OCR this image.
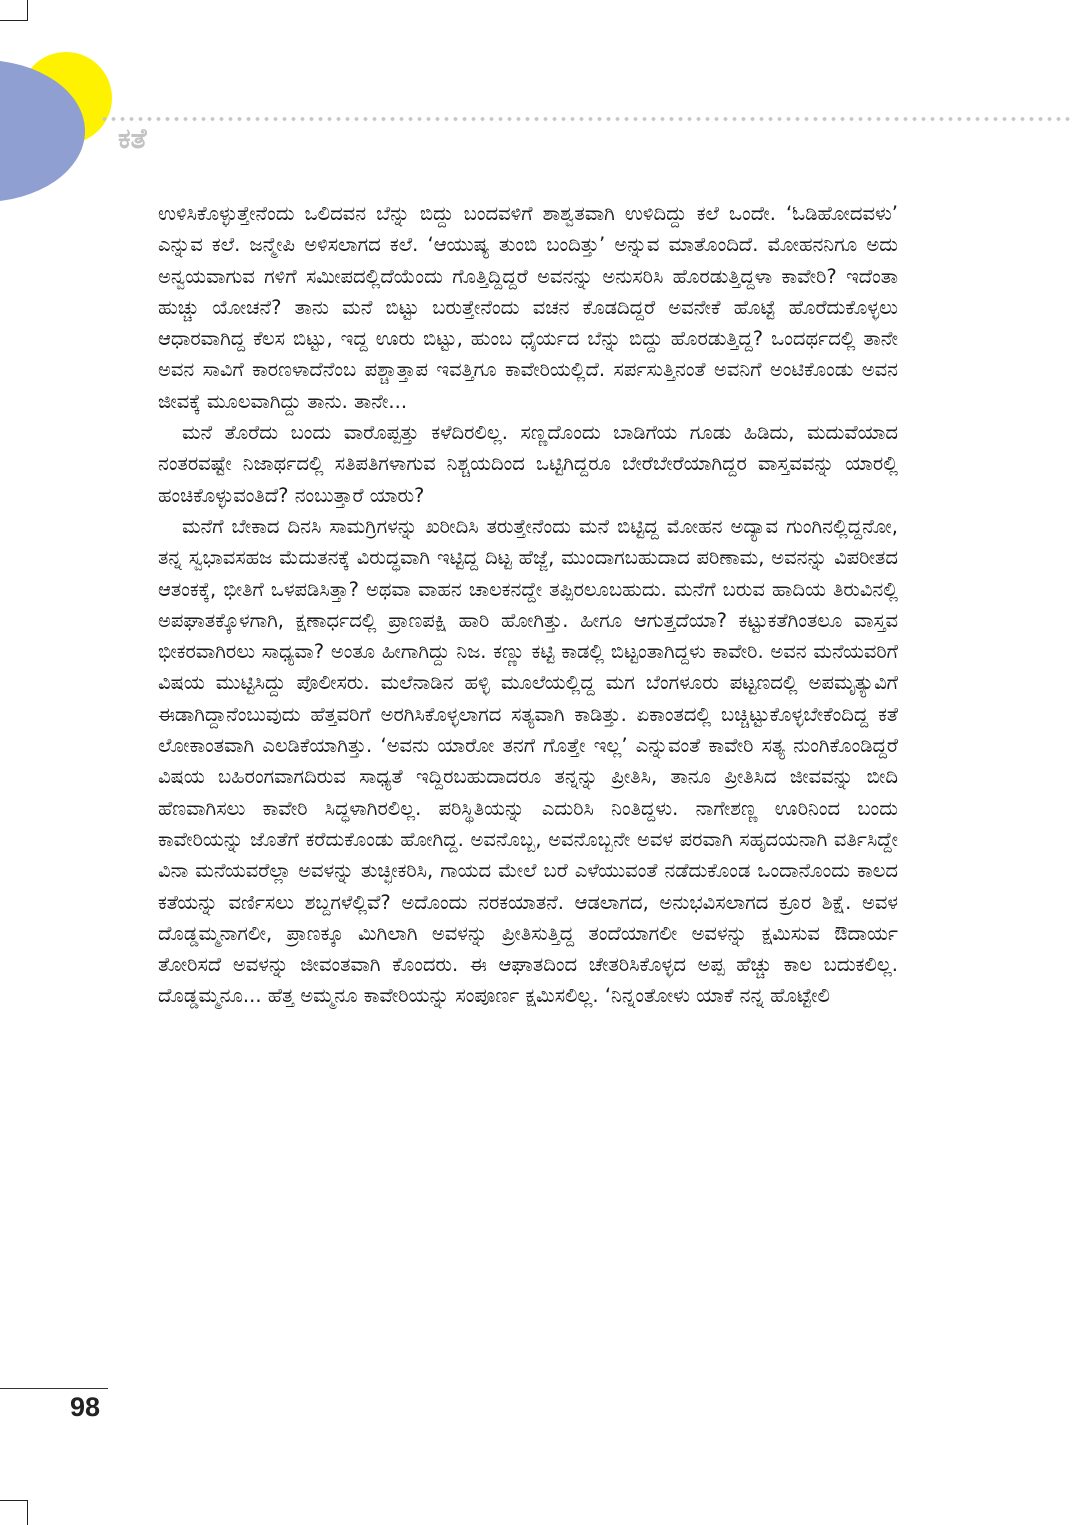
ಕತೆ

ಉಳಿಸಿಕೊಳ್ಳುತ್ತೇನೆಂದು ಒಲಿದವನ ಬೆನ್ನು ಬಿದ್ದು ಬಂದವಳಿಗೆ ಶಾಶ್ವತವಾಗಿ ಉಳಿದಿದ್ದು ಕಲೆ ಒಂದೇ. ‘ಓಡಿಹೋದವಳು’ ಎನ್ನುವ ಕಲೆ. ಜನ್ಮೇಪಿ ಅಳಿಸಲಾಗದ ಕಲೆ. ‘ಆಯುಷ್ಯ ತುಂಬಿ ಬಂದಿತ್ತು’ ಅನ್ನುವ ಮಾತೊಂದಿದೆ. ಮೋಹನನಿಗೂ ಅದು ಅನ್ವಯವಾಗುವ ಗಳಿಗೆ ಸಮೀಪದಲ್ಲಿದೆಯೆಂದು ಗೊತ್ತಿದ್ದಿದ್ದರೆ ಅವನನ್ನು ಅನುಸರಿಸಿ ಹೊರಡುತ್ತಿದ್ದಳಾ ಕಾವೇರಿ? ಇದೆಂತಾ ಹುಚ್ಚು ಯೋಚನೆ? ತಾನು ಮನೆ ಬಿಟ್ಟು ಬರುತ್ತೇನೆಂದು ವಚನ ಕೊಡದಿದ್ದರೆ ಅವನೇಕೆ ಹೊಟ್ಟೆ ಹೊರೆದುಕೊಳ್ಳಲು ಆಧಾರವಾಗಿದ್ದ ಕೆಲಸ ಬಿಟ್ಟು, ಇದ್ದ ಊರು ಬಿಟ್ಟು, ಹುಂಬ ಧೈರ್ಯದ ಬೆನ್ನು ಬಿದ್ದು ಹೊರಡುತ್ತಿದ್ದ? ಒಂದರ್ಥದಲ್ಲಿ ತಾನೇ ಅವನ ಸಾವಿಗೆ ಕಾರಣಳಾದೆನೆಂಬ ಪಶ್ಚಾತ್ತಾಪ ಇವತ್ತಿಗೂ ಕಾವೇರಿಯಲ್ಲಿದೆ. ಸರ್ಪಸುತ್ತಿನಂತೆ ಅವನಿಗೆ ಅಂಟಿಕೊಂಡು ಅವನ ಜೀವಕ್ಕೆ ಮೂಲವಾಗಿದ್ದು ತಾನು. ತಾನೇ...

ಮನೆ ತೊರೆದು ಬಂದು ವಾರೊಪ್ಪತ್ತು ಕಳೆದಿರಲಿಲ್ಲ. ಸಣ್ಣದೊಂದು ಬಾಡಿಗೆಯ ಗೂಡು ಹಿಡಿದು, ಮದುವೆಯಾದ ನಂತರವಷ್ಟೇ ನಿಜಾರ್ಥದಲ್ಲಿ ಸತಿಪತಿಗಳಾಗುವ ನಿಶ್ಚಯದಿಂದ ಒಟ್ಟಿಗಿದ್ದರೂ ಬೇರೆಬೇರೆಯಾಗಿದ್ದರ ವಾಸ್ತವವನ್ನು ಯಾರಲ್ಲಿ ಹಂಚಿಕೊಳ್ಳುವಂತಿದೆ? ನಂಬುತ್ತಾರೆ ಯಾರು?

ಮನೆಗೆ ಬೇಕಾದ ದಿನಸಿ ಸಾಮಗ್ರಿಗಳನ್ನು ಖರೀದಿಸಿ ತರುತ್ತೇನೆಂದು ಮನೆ ಬಿಟ್ಟಿದ್ದ ಮೋಹನ ಅದ್ಯಾವ ಗುಂಗಿನಲ್ಲಿದ್ದನೋ, ತನ್ನ ಸ್ವಭಾವಸಹಜ ಮೆದುತನಕ್ಕೆ ವಿರುದ್ಧವಾಗಿ ಇಟ್ಟಿದ್ದ ದಿಟ್ಟ ಹೆಜ್ಜೆ, ಮುಂದಾಗಬಹುದಾದ ಪರಿಣಾಮ, ಅವನನ್ನು ವಿಪರೀತದ ಆತಂಕಕ್ಕೆ, ಭೀತಿಗೆ ಒಳಪಡಿಸಿತ್ತಾ? ಅಥವಾ ವಾಹನ ಚಾಲಕನದ್ದೇ ತಪ್ಪಿರಲೂಬಹುದು. ಮನೆಗೆ ಬರುವ ಹಾದಿಯ ತಿರುವಿನಲ್ಲಿ ಅಪಘಾತಕ್ಕೊಳಗಾಗಿ, ಕ್ಷಣಾರ್ಧದಲ್ಲಿ ಪ್ರಾಣಪಕ್ಷಿ ಹಾರಿ ಹೋಗಿತ್ತು. ಹೀಗೂ ಆಗುತ್ತದೆಯಾ? ಕಟ್ಟುಕತೆಗಿಂತಲೂ ವಾಸ್ತವ ಭೀಕರವಾಗಿರಲು ಸಾಧ್ಯವಾ? ಅಂತೂ ಹೀಗಾಗಿದ್ದು ನಿಜ. ಕಣ್ಣು ಕಟ್ಟಿ ಕಾಡಲ್ಲಿ ಬಿಟ್ಟಂತಾಗಿದ್ದಳು ಕಾವೇರಿ. ಅವನ ಮನೆಯವರಿಗೆ ವಿಷಯ ಮುಟ್ಟಿಸಿದ್ದು ಪೊಲೀಸರು. ಮಲೆನಾಡಿನ ಹಳ್ಳಿ ಮೂಲೆಯಲ್ಲಿದ್ದ ಮಗ ಬೆಂಗಳೂರು ಪಟ್ಟಣದಲ್ಲಿ ಅಪಮೃತ್ಯುವಿಗೆ ಈಡಾಗಿದ್ದಾನೆಂಬುವುದು ಹೆತ್ತವರಿಗೆ ಅರಗಿಸಿಕೊಳ್ಳಲಾಗದ ಸತ್ಯವಾಗಿ ಕಾಡಿತ್ತು. ಏಕಾಂತದಲ್ಲಿ ಬಚ್ಚಿಟ್ಟುಕೊಳ್ಳಬೇಕೆಂದಿದ್ದ ಕತೆ ಲೋಕಾಂತವಾಗಿ ಎಲಡಿಕೆಯಾಗಿತ್ತು. ‘ಅವನು ಯಾರೋ ತನಗೆ ಗೊತ್ತೇ ಇಲ್ಲ’ ಎನ್ನುವಂತೆ ಕಾವೇರಿ ಸತ್ಯ ನುಂಗಿಕೊಂಡಿದ್ದರೆ ವಿಷಯ ಬಹಿರಂಗವಾಗದಿರುವ ಸಾಧ್ಯತೆ ಇದ್ದಿರಬಹುದಾದರೂ ತನ್ನನ್ನು ಪ್ರೀತಿಸಿ, ತಾನೂ ಪ್ರೀತಿಸಿದ ಜೀವವನ್ನು ಬೀದಿ ಹೆಣವಾಗಿಸಲು ಕಾವೇರಿ ಸಿದ್ಧಳಾಗಿರಲಿಲ್ಲ. ಪರಿಸ್ಥಿತಿಯನ್ನು ಎದುರಿಸಿ ನಿಂತಿದ್ದಳು. ನಾಗೇಶಣ್ಣ ಊರಿನಿಂದ ಬಂದು ಕಾವೇರಿಯನ್ನು ಜೊತೆಗೆ ಕರೆದುಕೊಂಡು ಹೋಗಿದ್ದ. ಅವನೊಬ್ಬ, ಅವನೊಬ್ಬನೇ ಅವಳ ಪರವಾಗಿ ಸಹೃದಯನಾಗಿ ವರ್ತಿಸಿದ್ದೇ ವಿನಾ ಮನೆಯವರೆಲ್ಲಾ ಅವಳನ್ನು ತುಚ್ಛೀಕರಿಸಿ, ಗಾಯದ ಮೇಲೆ ಬರೆ ಎಳೆಯುವಂತೆ ನಡೆದುಕೊಂಡ ಒಂದಾನೊಂದು ಕಾಲದ ಕತೆಯನ್ನು ವರ್ಣಿಸಲು ಶಬ್ದಗಳೆಲ್ಲಿವೆ? ಅದೊಂದು ನರಕಯಾತನೆ. ಆಡಲಾಗದ, ಅನುಭವಿಸಲಾಗದ ಕ್ರೂರ ಶಿಕ್ಷೆ. ಅವಳ ದೊಡ್ಡಮ್ಮನಾಗಲೀ, ಪ್ರಾಣಕ್ಕೂ ಮಿಗಿಲಾಗಿ ಅವಳನ್ನು ಪ್ರೀತಿಸುತ್ತಿದ್ದ ತಂದೆಯಾಗಲೀ ಅವಳನ್ನು ಕ್ಷಮಿಸುವ ಔದಾರ್ಯ ತೋರಿಸದೆ ಅವಳನ್ನು ಜೀವಂತವಾಗಿ ಕೊಂದರು. ಈ ಆಘಾತದಿಂದ ಚೇತರಿಸಿಕೊಳ್ಳದ ಅಪ್ಪ ಹೆಚ್ಚು ಕಾಲ ಬದುಕಲಿಲ್ಲ. ದೊಡ್ಡಮ್ಮನೂ... ಹೆತ್ತ ಅಮ್ಮನೂ ಕಾವೇರಿಯನ್ನು ಸಂಪೂರ್ಣ ಕ್ಷಮಿಸಲಿಲ್ಲ. ‘ನಿನ್ನಂತೋಳು ಯಾಕೆ ನನ್ನ ಹೊಟ್ಟೇಲಿ

98
